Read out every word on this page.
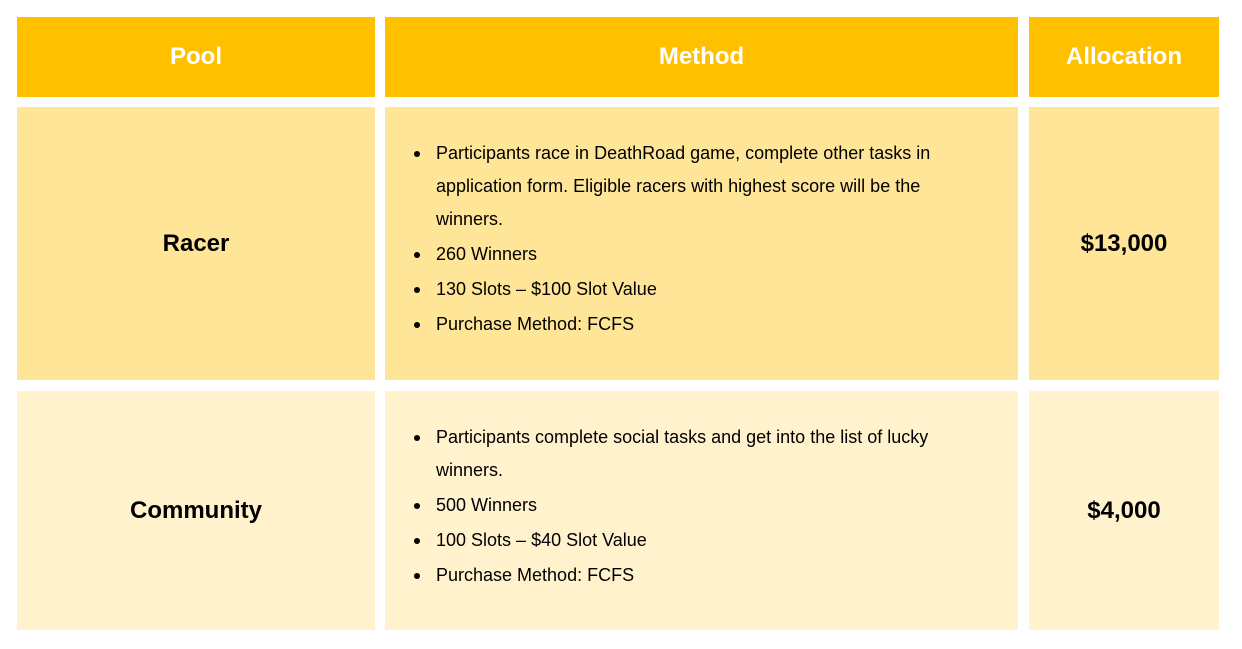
Pool	Method	Allocation
Racer
Participants race in DeathRoad game, complete other tasks in application form. Eligible racers with highest score will be the winners.
260 Winners
130 Slots – $100 Slot Value
Purchase Method: FCFS
$13,000
Community
Participants complete social tasks and get into the list of lucky winners.
500 Winners
100 Slots – $40 Slot Value
Purchase Method: FCFS
$4,000
